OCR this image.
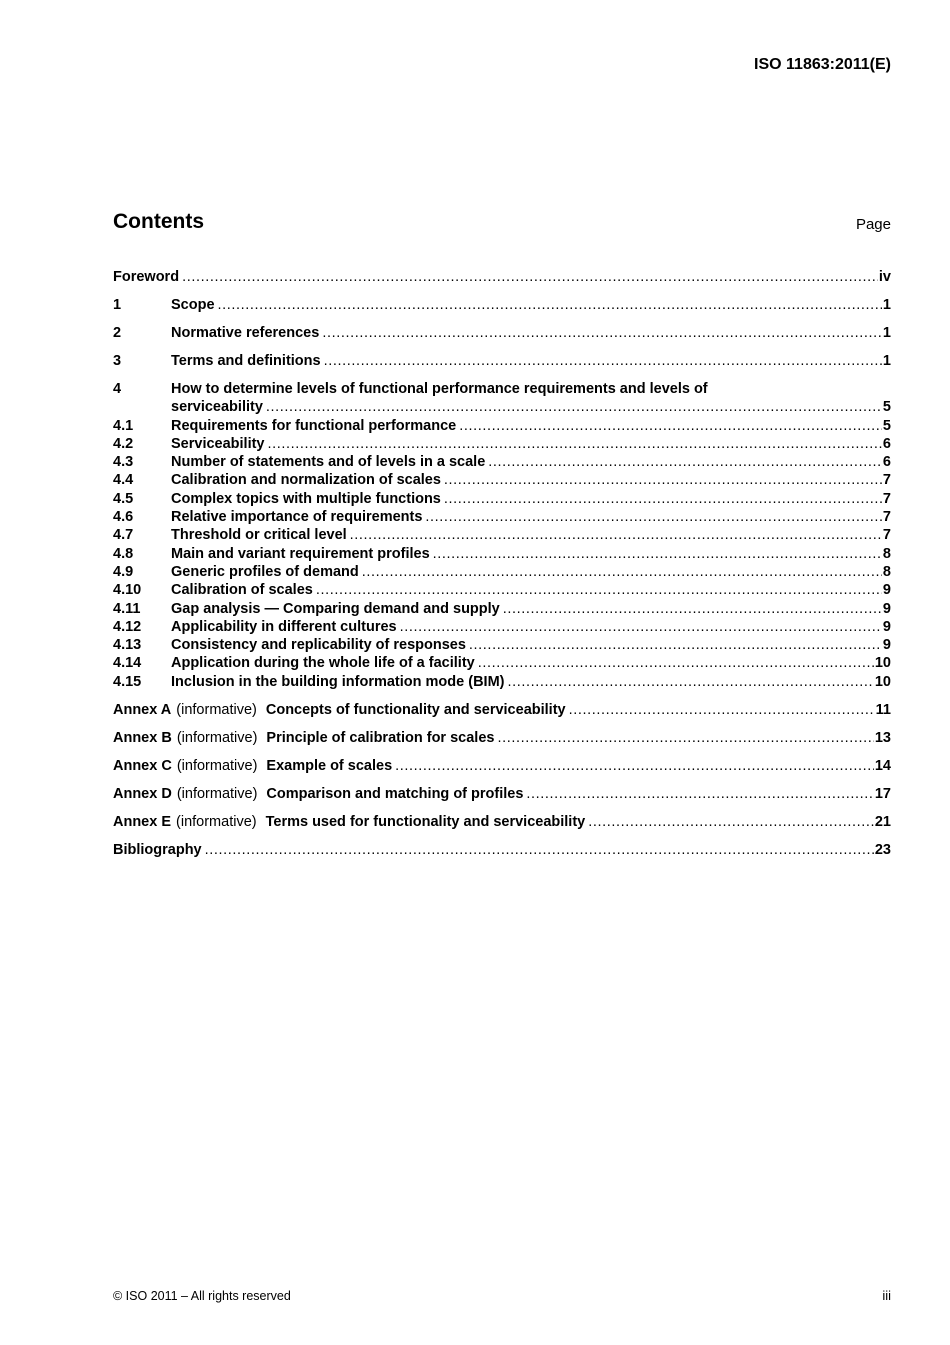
ISO 11863:2011(E)
Contents	Page
Foreword .....	iv
1	Scope .....	1
2	Normative references .....	1
3	Terms and definitions .....	1
4	How to determine levels of functional performance requirements and levels of
serviceability .....	5
4.1	Requirements for functional performance .....	5
4.2	Serviceability .....	6
4.3	Number of statements and of levels in a scale .....	6
4.4	Calibration and normalization of scales .....	7
4.5	Complex topics with multiple functions .....	7
4.6	Relative importance of requirements .....	7
4.7	Threshold or critical level .....	7
4.8	Main and variant requirement profiles .....	8
4.9	Generic profiles of demand .....	8
4.10	Calibration of scales .....	9
4.11	Gap analysis — Comparing demand and supply .....	9
4.12	Applicability in different cultures .....	9
4.13	Consistency and replicability of responses .....	9
4.14	Application during the whole life of a facility .....	10
4.15	Inclusion in the building information mode (BIM) .....	10
Annex A (informative) Concepts of functionality and serviceability .....	11
Annex B (informative) Principle of calibration for scales .....	13
Annex C (informative) Example of scales .....	14
Annex D (informative) Comparison and matching of profiles .....	17
Annex E (informative) Terms used for functionality and serviceability .....	21
Bibliography .....	23
© ISO 2011 – All rights reserved	iii
